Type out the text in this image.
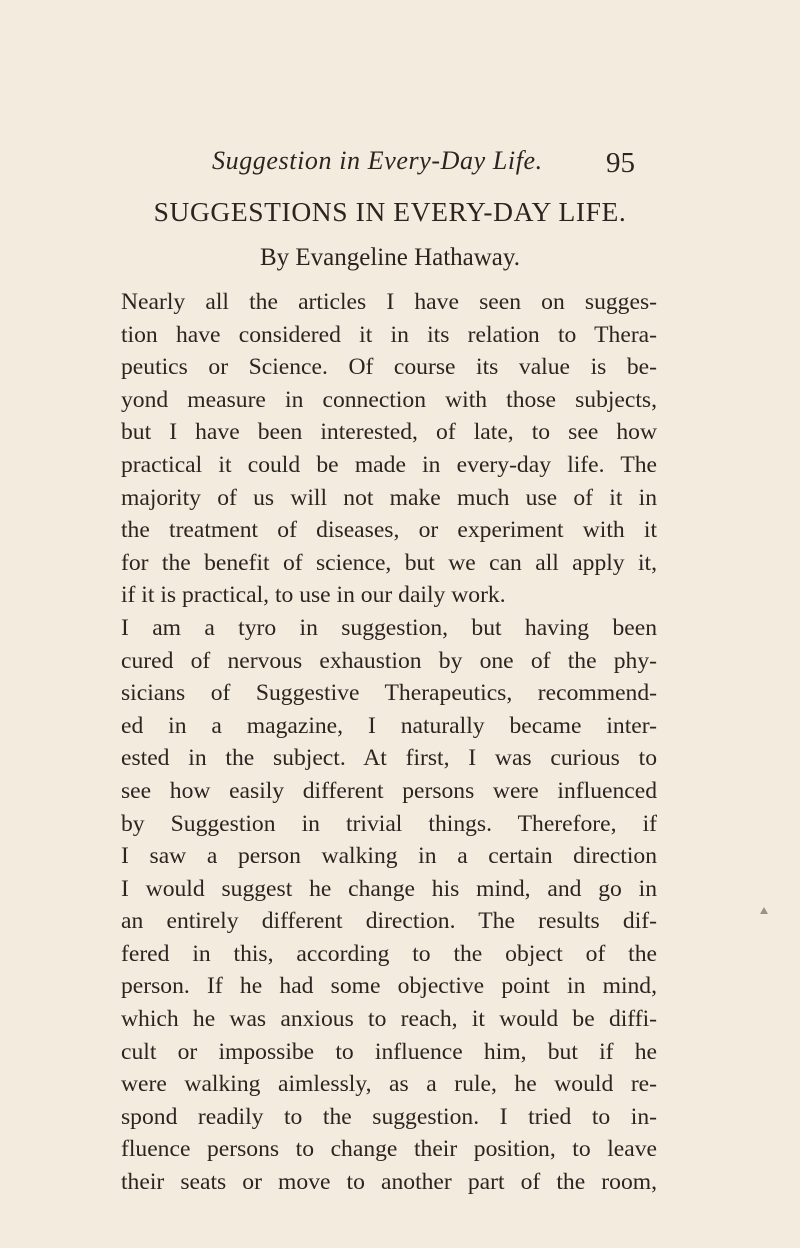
Suggestion in Every-Day Life. 95
SUGGESTIONS IN EVERY-DAY LIFE.
By Evangeline Hathaway.
Nearly all the articles I have seen on sugges-
tion have considered it in its relation to Thera-
peutics or Science. Of course its value is be-
yond measure in connection with those subjects,
but I have been interested, of late, to see how
practical it could be made in every-day life. The
majority of us will not make much use of it in
the treatment of diseases, or experiment with it
for the benefit of science, but we can all apply it,
if it is practical, to use in our daily work.
I am a tyro in suggestion, but having been
cured of nervous exhaustion by one of the phy-
sicians of Suggestive Therapeutics, recommend-
ed in a magazine, I naturally became inter-
ested in the subject. At first, I was curious to
see how easily different persons were influenced
by Suggestion in trivial things. Therefore, if
I saw a person walking in a certain direction
I would suggest he change his mind, and go in
an entirely different direction. The results dif-
fered in this, according to the object of the
person. If he had some objective point in mind,
which he was anxious to reach, it would be diffi-
cult or impossibe to influence him, but if he
were walking aimlessly, as a rule, he would re-
spond readily to the suggestion. I tried to in-
fluence persons to change their position, to leave
their seats or move to another part of the room,
